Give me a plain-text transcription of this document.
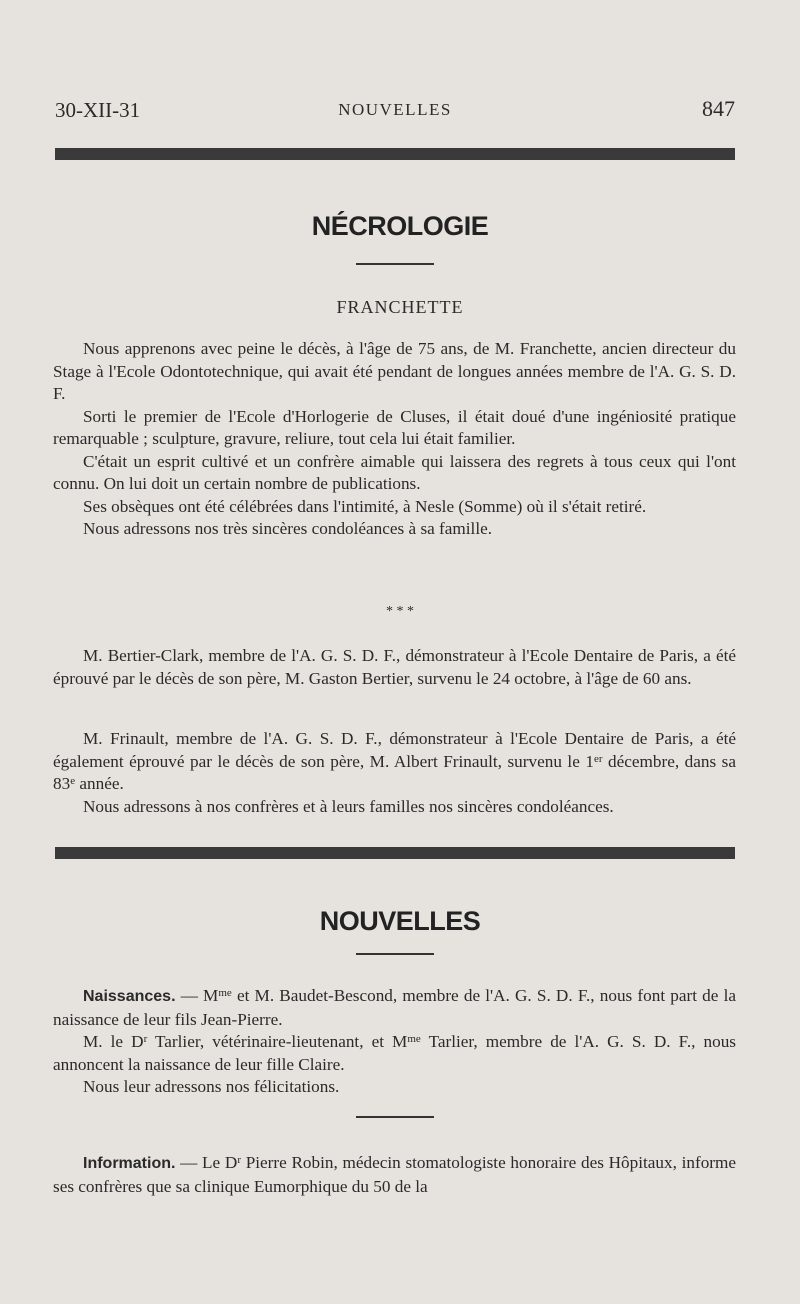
30-XII-31	NOUVELLES	847
NÉCROLOGIE
FRANCHETTE

Nous apprenons avec peine le décès, à l'âge de 75 ans, de M. Franchette, ancien directeur du Stage à l'Ecole Odontotechnique, qui avait été pendant de longues années membre de l'A. G. S. D. F.

Sorti le premier de l'Ecole d'Horlogerie de Cluses, il était doué d'une ingéniosité pratique remarquable ; sculpture, gravure, reliure, tout cela lui était familier.

C'était un esprit cultivé et un confrère aimable qui laissera des regrets à tous ceux qui l'ont connu. On lui doit un certain nombre de publications.

Ses obsèques ont été célébrées dans l'intimité, à Nesle (Somme) où il s'était retiré.

Nous adressons nos très sincères condoléances à sa famille.

* * *

M. Bertier-Clark, membre de l'A. G. S. D. F., démonstrateur à l'Ecole Dentaire de Paris, a été éprouvé par le décès de son père, M. Gaston Bertier, survenu le 24 octobre, à l'âge de 60 ans.

M. Frinault, membre de l'A. G. S. D. F., démonstrateur à l'Ecole Dentaire de Paris, a été également éprouvé par le décès de son père, M. Albert Frinault, survenu le 1er décembre, dans sa 83e année.

Nous adressons à nos confrères et à leurs familles nos sincères condoléances.

NOUVELLES

Naissances. — $M^{me}$ et M. Baudet-Bescond, membre de l'A. G. S. D. F., nous font part de la naissance de leur fils Jean-Pierre.

M. le $D^r$ Tarlier, vétérinaire-lieutenant, et $M^{me}$ Tarlier, membre de l'A. G. S. D. F., nous annoncent la naissance de leur fille Claire.

Nous leur adressons nos félicitations.

Information. — Le $D^r$ Pierre Robin, médecin stomatologiste honoraire des Hôpitaux, informe ses confrères que sa clinique Eumorphique du 50 de la
